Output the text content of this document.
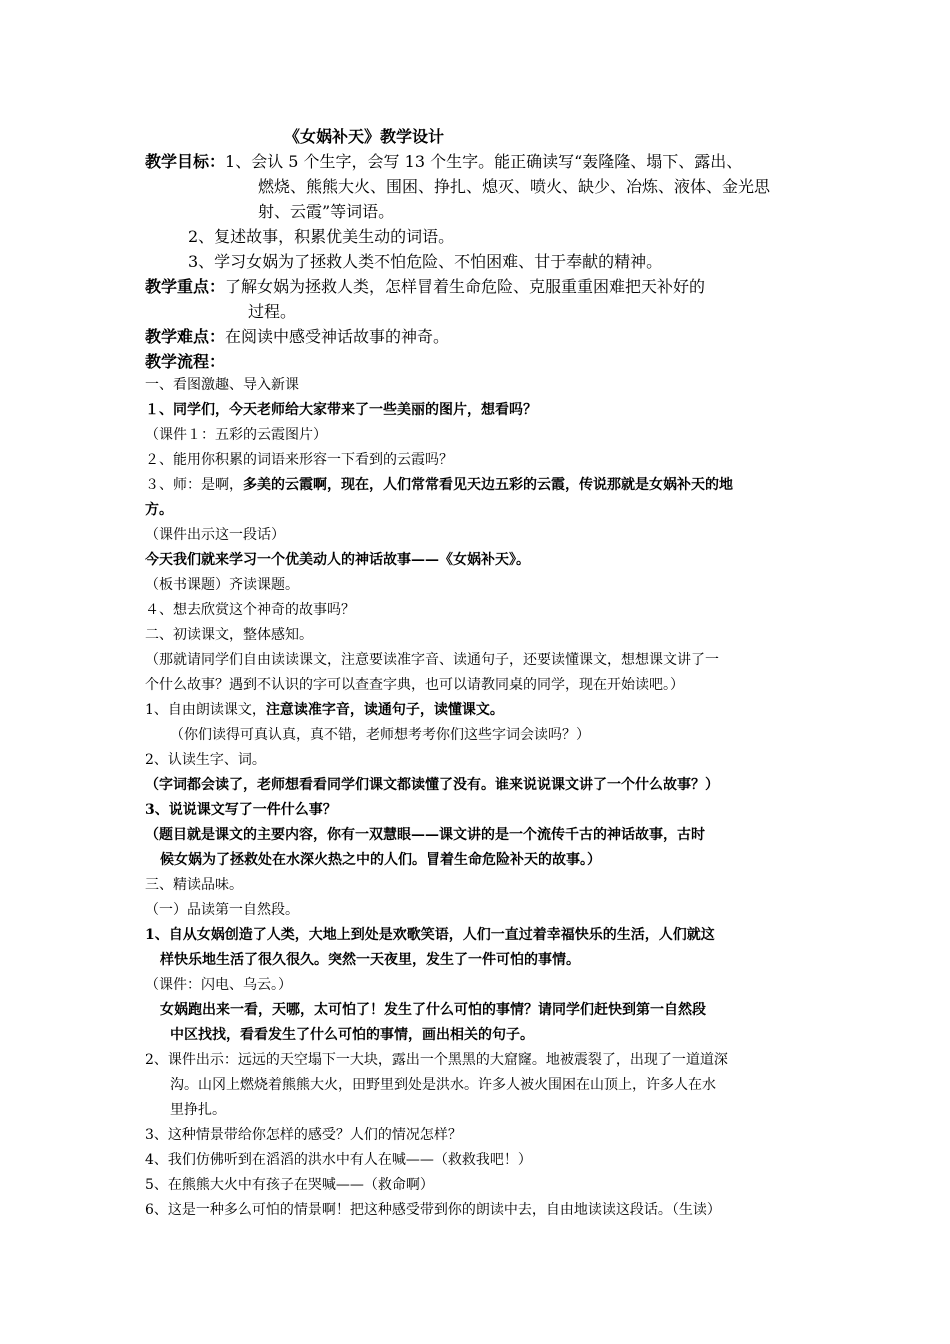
《女娲补天》教学设计
教学目标：1、会认 5 个生字，会写 13 个生字。能正确读写“轰隆隆、塌下、露出、
燃烧、熊熊大火、围困、挣扎、熄灭、喷火、缺少、冶炼、液体、金光思
射、云霞”等词语。
2、复述故事，积累优美生动的词语。
3、学习女娲为了拯救人类不怕危险、不怕困难、甘于奉献的精神。
教学重点：了解女娲为拯救人类，怎样冒着生命危险、克服重重困难把天补好的
过程。
教学难点：在阅读中感受神话故事的神奇。
教学流程：
一、看图激趣、导入新课
１、同学们，今天老师给大家带来了一些美丽的图片，想看吗？
（课件１：五彩的云霞图片）
２、能用你积累的词语来形容一下看到的云霞吗？
３、师：是啊，多美的云霞啊，现在，人们常常看见天边五彩的云霞，传说那就是女娲补天的地
方。
（课件出示这一段话）
今天我们就来学习一个优美动人的神话故事——《女娲补天》。
（板书课题）齐读课题。
４、想去欣赏这个神奇的故事吗？
二、初读课文，整体感知。
（那就请同学们自由读读课文，注意要读准字音、读通句子，还要读懂课文，想想课文讲了一
个什么故事？遇到不认识的字可以查查字典，也可以请教同桌的同学，现在开始读吧。）
1、自由朗读课文，注意读准字音，读通句子，读懂课文。
（你们读得可真认真，真不错，老师想考考你们这些字词会读吗？）
2、认读生字、词。
（字词都会读了，老师想看看同学们课文都读懂了没有。谁来说说课文讲了一个什么故事？）
3、说说课文写了一件什么事？
（题目就是课文的主要内容，你有一双慧眼——课文讲的是一个流传千古的神话故事，古时
候女娲为了拯救处在水深火热之中的人们。冒着生命危险补天的故事。）
三、精读品味。
（一）品读第一自然段。
1、自从女娲创造了人类，大地上到处是欢歌笑语，人们一直过着幸福快乐的生活，人们就这
样快乐地生活了很久很久。突然一天夜里，发生了一件可怕的事情。
（课件：闪电、乌云。）
女娲跑出来一看，天哪，太可怕了！发生了什么可怕的事情？请同学们赶快到第一自然段
中区找找，看看发生了什么可怕的事情，画出相关的句子。
2、课件出示：远远的天空塌下一大块，露出一个黑黑的大窟窿。地被震裂了，出现了一道道深
沟。山冈上燃烧着熊熊大火，田野里到处是洪水。许多人被火围困在山顶上，许多人在水
里挣扎。
3、这种情景带给你怎样的感受？人们的情况怎样？
4、我们仿佛听到在滔滔的洪水中有人在喊——（救救我吧！）
5、在熊熊大火中有孩子在哭喊——（救命啊）
6、这是一种多么可怕的情景啊！把这种感受带到你的朗读中去，自由地读读这段话。（生读）
